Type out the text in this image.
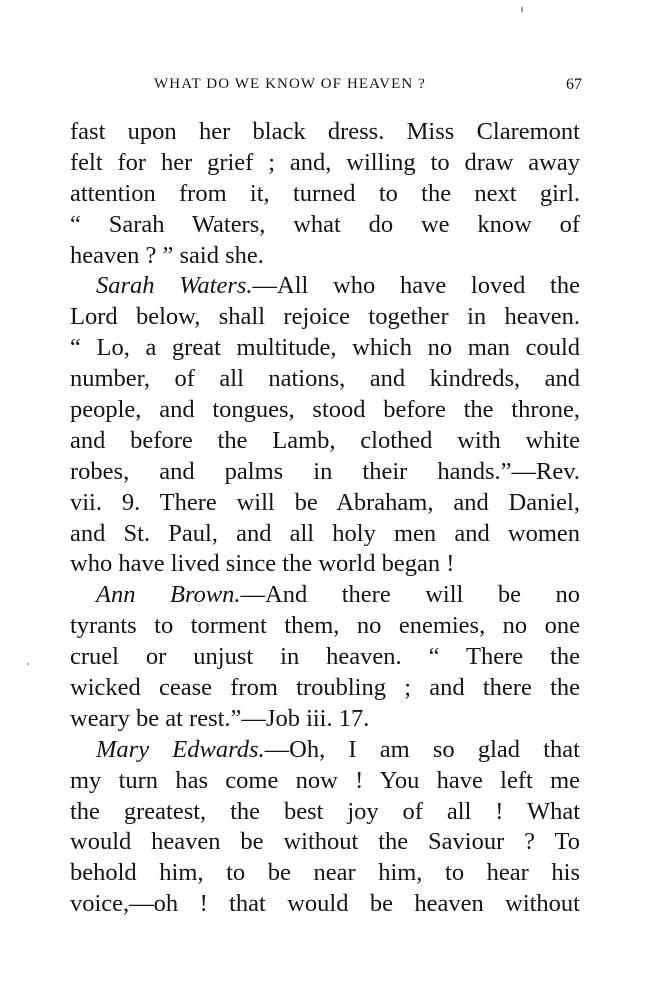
WHAT DO WE KNOW OF HEAVEN ?	67
fast upon her black dress. Miss Claremont
felt for her grief ; and, willing to draw away
attention from it, turned to the next girl.
“ Sarah Waters, what do we know of
heaven ? ” said she.
Sarah Waters.—All who have loved the
Lord below, shall rejoice together in heaven.
“ Lo, a great multitude, which no man could
number, of all nations, and kindreds, and
people, and tongues, stood before the throne,
and before the Lamb, clothed with white
robes, and palms in their hands.”—Rev.
vii. 9. There will be Abraham, and Daniel,
and St. Paul, and all holy men and women
who have lived since the world began !
Ann Brown.—And there will be no
tyrants to torment them, no enemies, no one
cruel or unjust in heaven. “ There the
wicked cease from troubling ; and there the
weary be at rest.”—Job iii. 17.
Mary Edwards.—Oh, I am so glad that
my turn has come now ! You have left me
the greatest, the best joy of all ! What
would heaven be without the Saviour ? To
behold him, to be near him, to hear his
voice,—oh ! that would be heaven without
